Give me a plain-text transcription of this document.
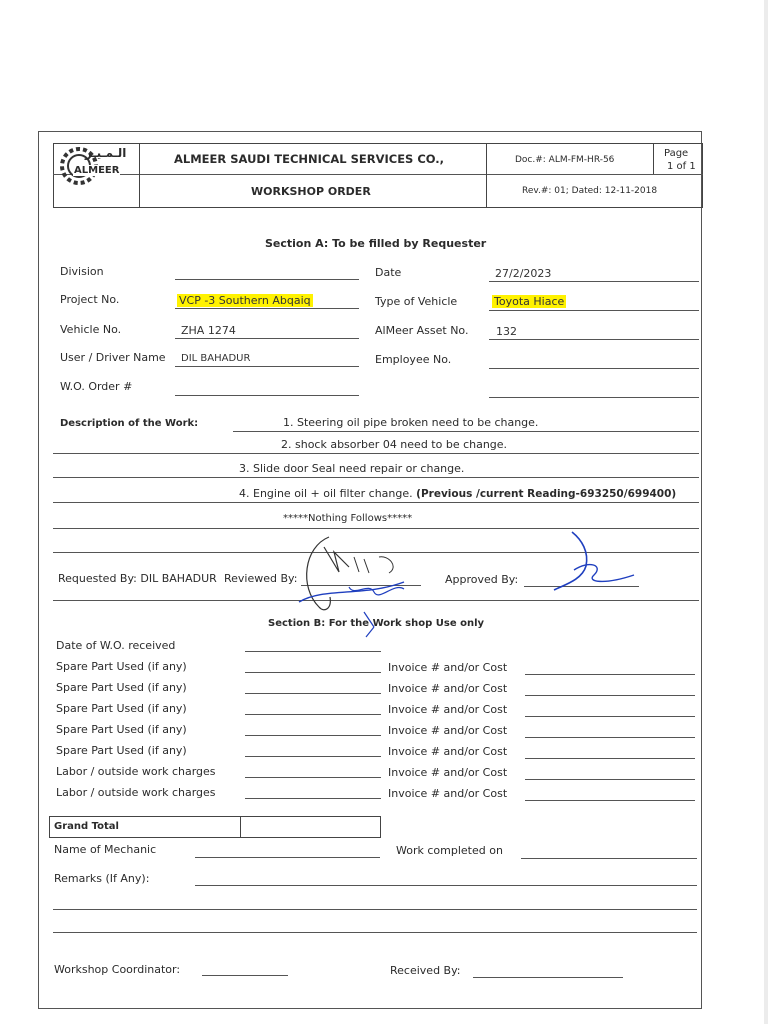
الـمـيـر
ALMEER
ALMEER SAUDI TECHNICAL SERVICES CO.,
WORKSHOP ORDER
Doc.#: ALM-FM-HR-56
Rev.#: 01; Dated: 12-11-2018
Page
1 of 1
Section A: To be filled by Requester
Division	Date	27/2/2023
Project No.	VCP -3 Southern Abqaiq	Type of Vehicle	Toyota Hiace
Vehicle No.	ZHA 1274	AlMeer Asset No.	132
User / Driver Name DIL BAHADUR	Employee No.
W.O. Order #
Description of the Work:	1. Steering oil pipe broken need to be change.
2. shock absorber 04 need to be change.
3. Slide door Seal need repair or change.
4. Engine oil + oil filter change. (Previous /current Reading-693250/699400)
*****Nothing Follows*****
Requested By: DIL BAHADUR Reviewed By:	Approved By:
Section B: For the Work shop Use only
Date of W.O. received
Spare Part Used (if any)	Invoice # and/or Cost
Spare Part Used (if any)	Invoice # and/or Cost
Spare Part Used (if any)	Invoice # and/or Cost
Spare Part Used (if any)	Invoice # and/or Cost
Spare Part Used (if any)	Invoice # and/or Cost
Labor / outside work charges	Invoice # and/or Cost
Labor / outside work charges	Invoice # and/or Cost
Grand Total
Name of Mechanic	Work completed on
Remarks (If Any):
Workshop Coordinator:	Received By:
